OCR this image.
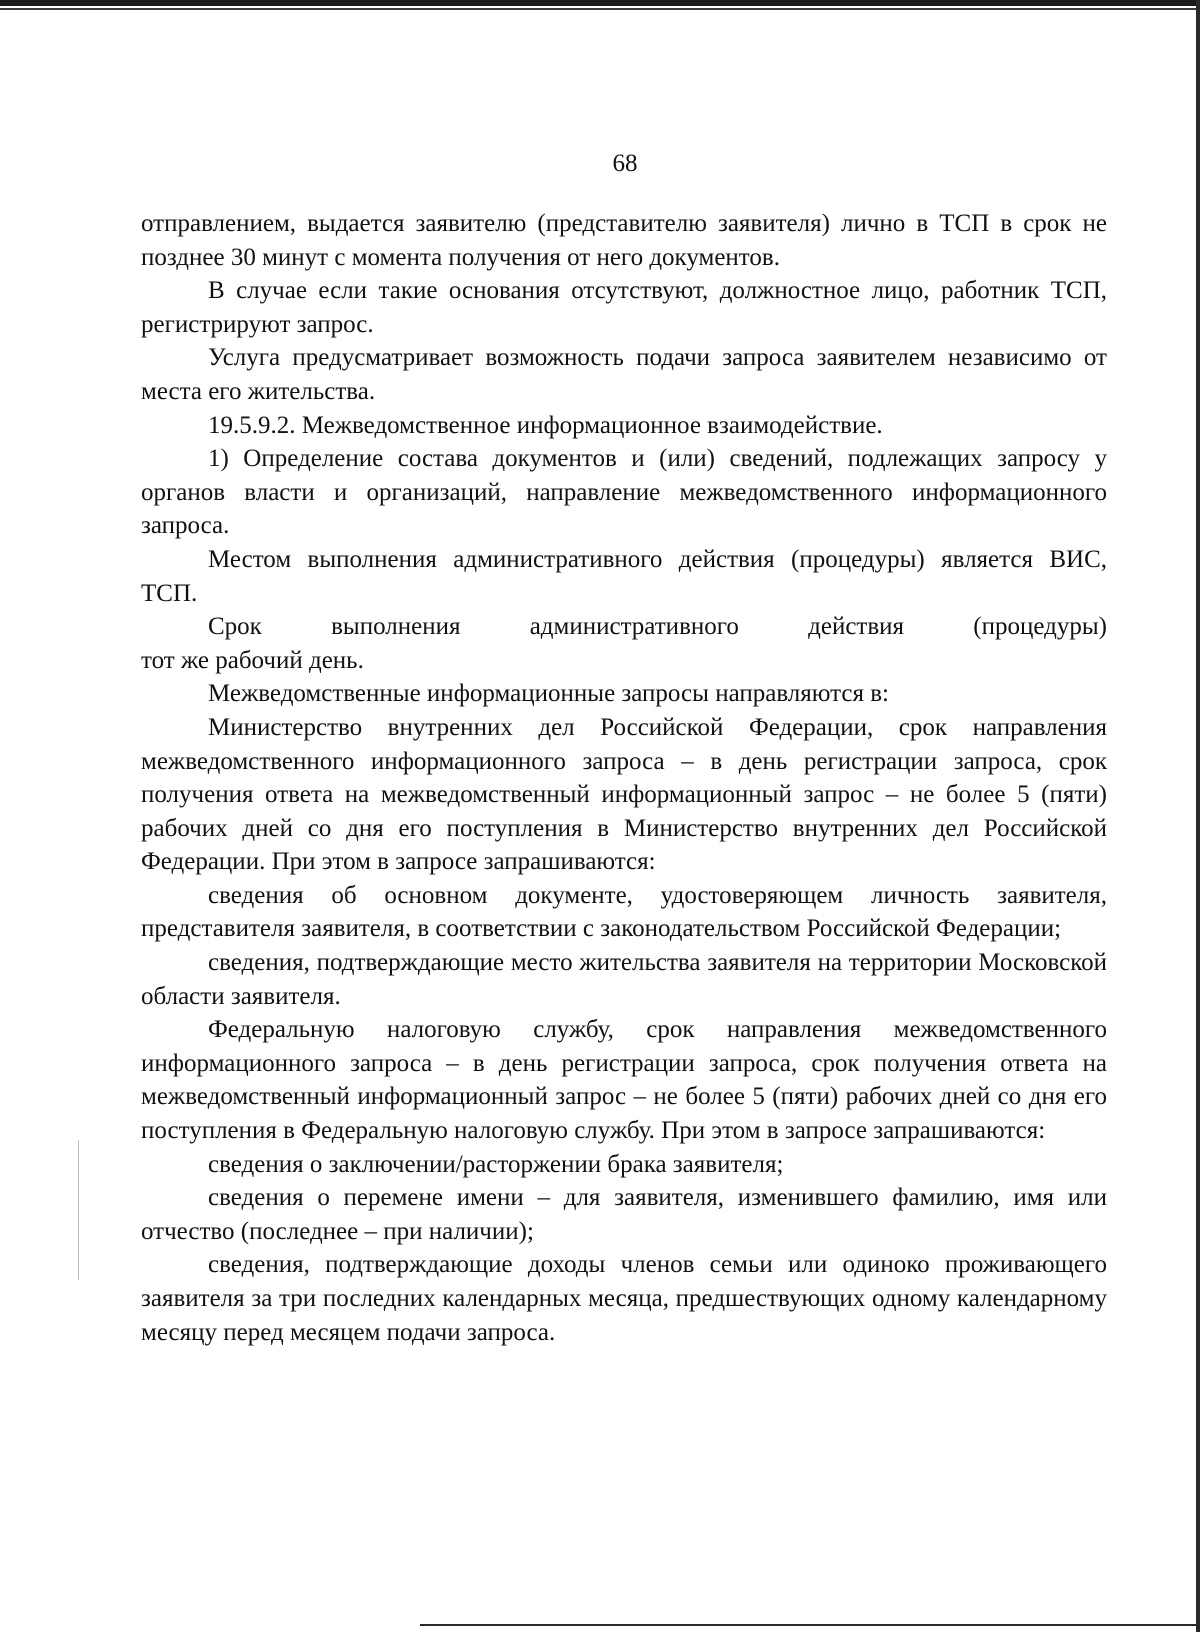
68

отправлением, выдается заявителю (представителю заявителя) лично в ТСП в срок не позднее 30 минут с момента получения от него документов.

В случае если такие основания отсутствуют, должностное лицо, работник ТСП, регистрируют запрос.

Услуга предусматривает возможность подачи запроса заявителем независимо от места его жительства.

19.5.9.2. Межведомственное информационное взаимодействие.

1) Определение состава документов и (или) сведений, подлежащих запросу у органов власти и организаций, направление межведомственного информационного запроса.

Местом выполнения административного действия (процедуры) является ВИС, ТСП.

Срок выполнения административного действия (процедуры)

тот же рабочий день.

Межведомственные информационные запросы направляются в:

Министерство внутренних дел Российской Федерации, срок направления межведомственного информационного запроса – в день регистрации запроса, срок получения ответа на межведомственный информационный запрос – не более 5 (пяти) рабочих дней со дня его поступления в Министерство внутренних дел Российской Федерации. При этом в запросе запрашиваются:

сведения об основном документе, удостоверяющем личность заявителя, представителя заявителя, в соответствии с законодательством Российской Федерации;

сведения, подтверждающие место жительства заявителя на территории Московской области заявителя.

Федеральную налоговую службу, срок направления межведомственного информационного запроса – в день регистрации запроса, срок получения ответа на межведомственный информационный запрос – не более 5 (пяти) рабочих дней со дня его поступления в Федеральную налоговую службу. При этом в запросе запрашиваются:

сведения о заключении/расторжении брака заявителя;

сведения о перемене имени – для заявителя, изменившего фамилию, имя или отчество (последнее – при наличии);

сведения, подтверждающие доходы членов семьи или одиноко проживающего заявителя за три последних календарных месяца, предшествующих одному календарному месяцу перед месяцем подачи запроса.
